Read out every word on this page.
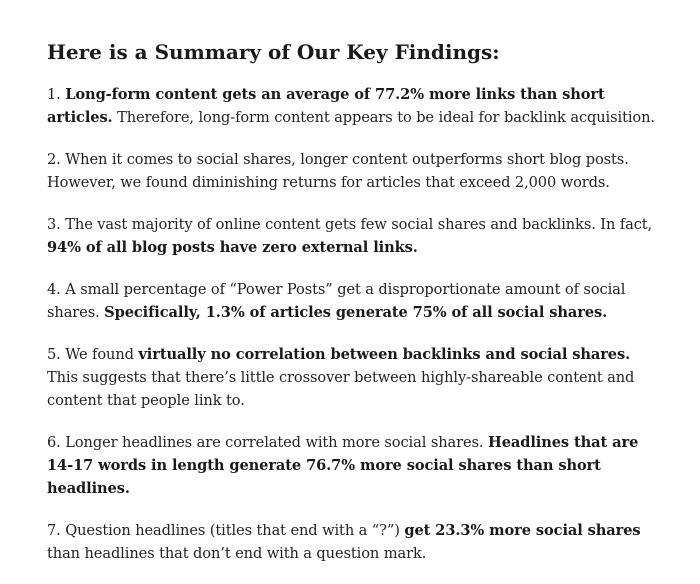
Here is a Summary of Our Key Findings:

1. Long-form content gets an average of 77.2% more links than short articles. Therefore, long-form content appears to be ideal for backlink acquisition.

2. When it comes to social shares, longer content outperforms short blog posts. However, we found diminishing returns for articles that exceed 2,000 words.

3. The vast majority of online content gets few social shares and backlinks. In fact, 94% of all blog posts have zero external links.

4. A small percentage of “Power Posts” get a disproportionate amount of social shares. Specifically, 1.3% of articles generate 75% of all social shares.

5. We found virtually no correlation between backlinks and social shares. This suggests that there’s little crossover between highly-shareable content and content that people link to.

6. Longer headlines are correlated with more social shares. Headlines that are 14-17 words in length generate 76.7% more social shares than short headlines.

7. Question headlines (titles that end with a “?”) get 23.3% more social shares than headlines that don’t end with a question mark.
